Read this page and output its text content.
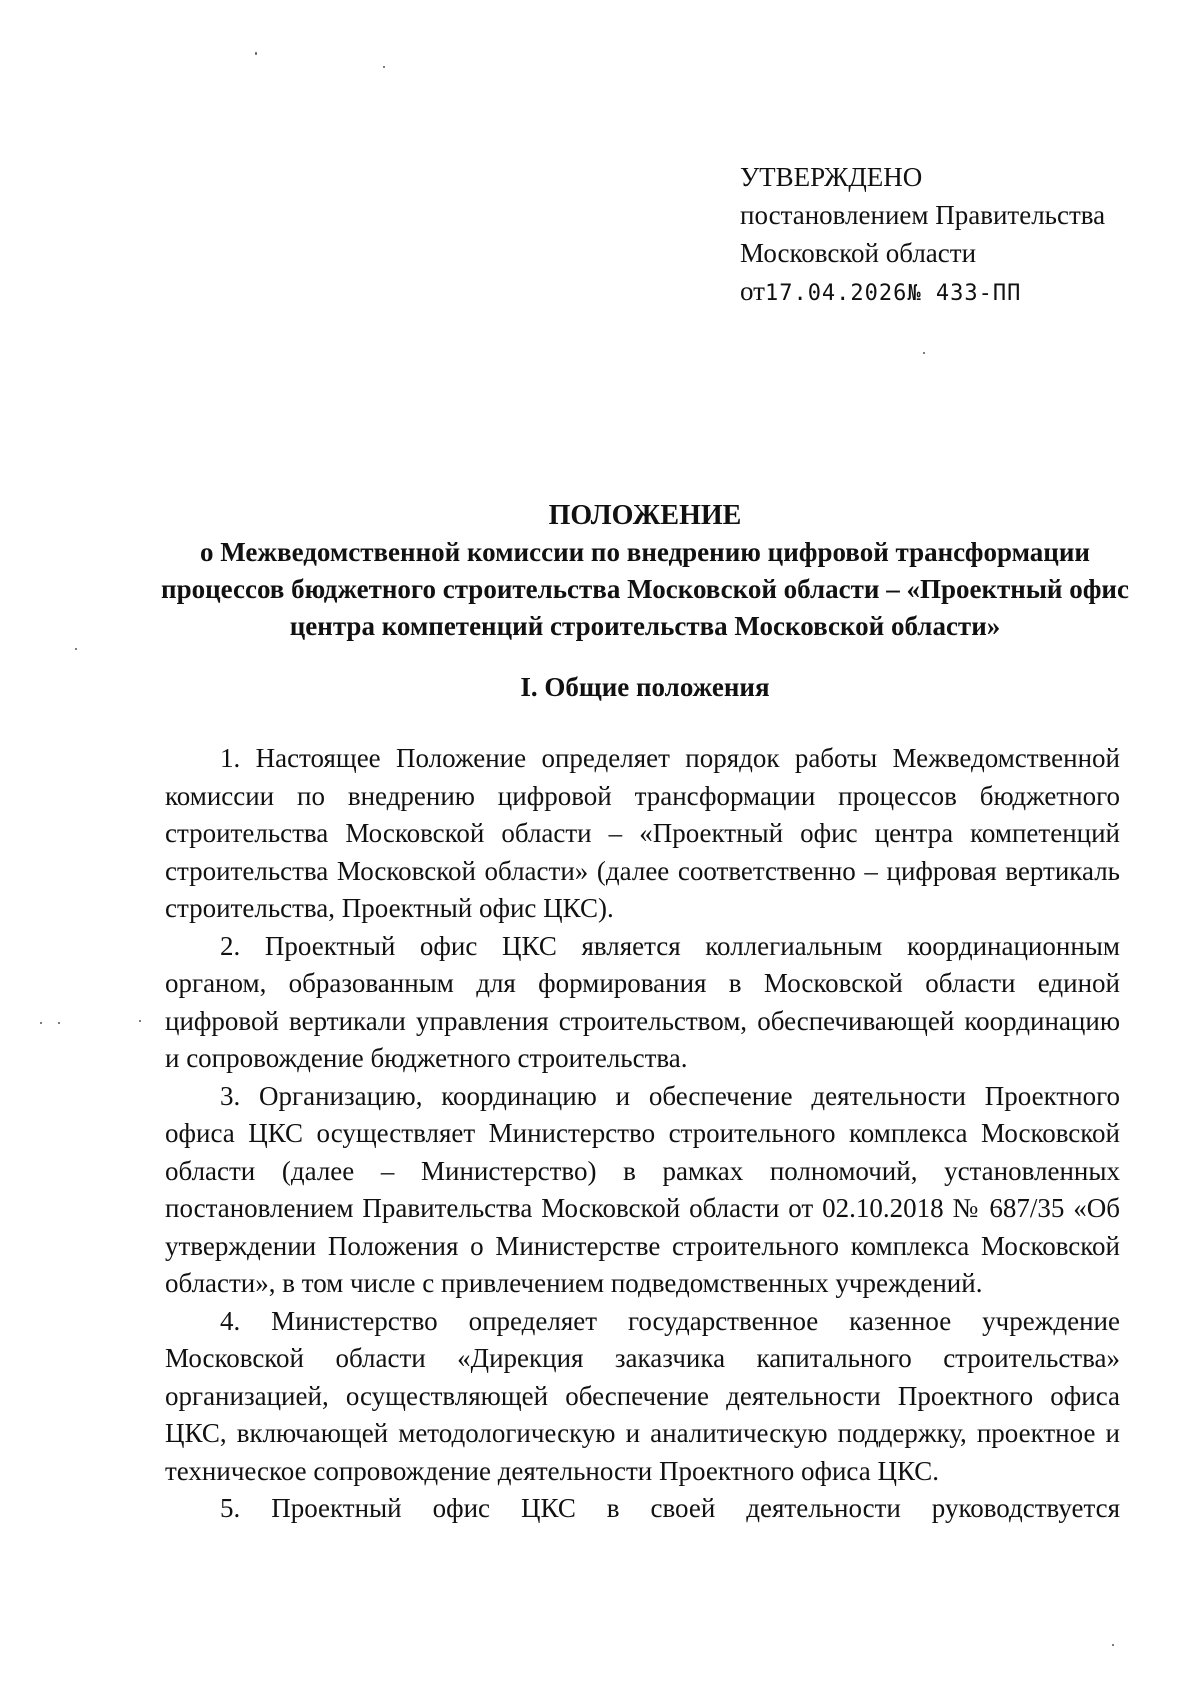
УТВЕРЖДЕНО
постановлением Правительства
Московской области
от17.04.2026№ 433-ПП
ПОЛОЖЕНИЕ
о Межведомственной комиссии по внедрению цифровой трансформации процессов бюджетного строительства Московской области – «Проектный офис центра компетенций строительства Московской области»
I. Общие положения

1. Настоящее Положение определяет порядок работы Межведомственной комиссии по внедрению цифровой трансформации процессов бюджетного строительства Московской области – «Проектный офис центра компетенций строительства Московской области» (далее соответственно – цифровая вертикаль строительства, Проектный офис ЦКС).

2. Проектный офис ЦКС является коллегиальным координационным органом, образованным для формирования в Московской области единой цифровой вертикали управления строительством, обеспечивающей координацию и сопровождение бюджетного строительства.

3. Организацию, координацию и обеспечение деятельности Проектного офиса ЦКС осуществляет Министерство строительного комплекса Московской области (далее – Министерство) в рамках полномочий, установленных постановлением Правительства Московской области от 02.10.2018 № 687/35 «Об утверждении Положения о Министерстве строительного комплекса Московской области», в том числе с привлечением подведомственных учреждений.

4. Министерство определяет государственное казенное учреждение Московской области «Дирекция заказчика капитального строительства» организацией, осуществляющей обеспечение деятельности Проектного офиса ЦКС, включающей методологическую и аналитическую поддержку, проектное и техническое сопровождение деятельности Проектного офиса ЦКС.

5. Проектный офис ЦКС в своей деятельности руководствуется
